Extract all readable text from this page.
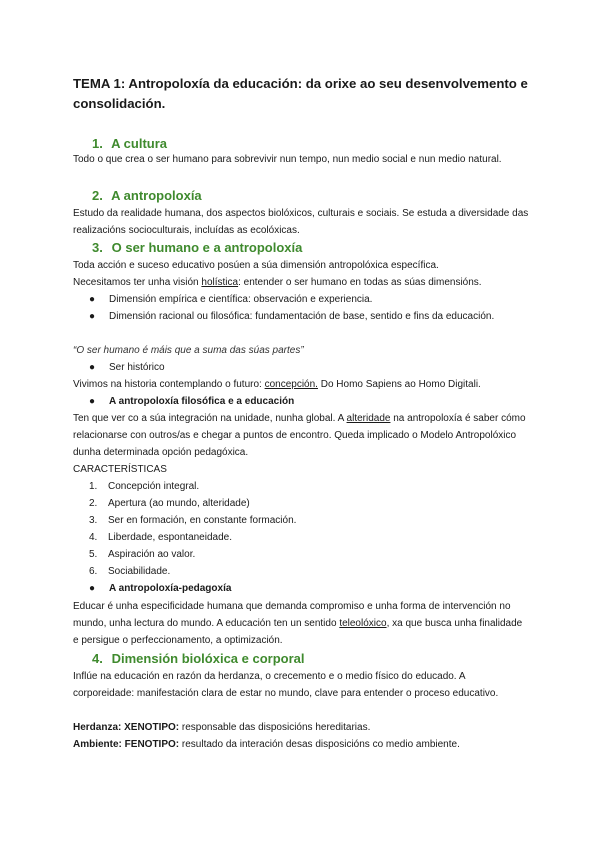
TEMA 1: Antropoloxía da educación: da orixe ao seu desenvolvemento e consolidación.
1. A cultura
Todo o que crea o ser humano para sobrevivir nun tempo, nun medio social e nun medio natural.
2. A antropoloxía
Estudo da realidade humana, dos aspectos biolóxicos, culturais e sociais. Se estuda a diversidade das realizacións socioculturais, incluídas as ecolóxicas.
3. O ser humano e a antropoloxía
Toda acción e suceso educativo posúen a súa dimensión antropolóxica específica.
Necesitamos ter unha visión holística: entender o ser humano en todas as súas dimensións.
● Dimensión empírica e científica: observación e experiencia.
● Dimensión racional ou filosófica: fundamentación de base, sentido e fins da educación.
“O ser humano é máis que a suma das súas partes”
● Ser histórico
Vivimos na historia contemplando o futuro: concepción. Do Homo Sapiens ao Homo Digitali.
● A antropoloxía filosófica e a educación
Ten que ver co a súa integración na unidade, nunha global. A alteridade na antropoloxía é saber cómo relacionarse con outros/as e chegar a puntos de encontro. Queda implicado o Modelo Antropolóxico dunha determinada opción pedagóxica.
CARACTERÍSTICAS
1. Concepción integral.
2. Apertura (ao mundo, alteridade)
3. Ser en formación, en constante formación.
4. Liberdade, espontaneidade.
5. Aspiración ao valor.
6. Sociabilidade.
● A antropoloxía-pedagoxía
Educar é unha especificidade humana que demanda compromiso e unha forma de intervención no mundo, unha lectura do mundo. A educación ten un sentido teleolóxico, xa que busca unha finalidade e persigue o perfeccionamento, a optimización.
4. Dimensión biolóxica e corporal
Inflúe na educación en razón da herdanza, o crecemento e o medio físico do educado. A corporeidade: manifestación clara de estar no mundo, clave para entender o proceso educativo.
Herdanza: XENOTIPO: responsable das disposicións hereditarias.
Ambiente: FENOTIPO: resultado da interación desas disposicións co medio ambiente.
